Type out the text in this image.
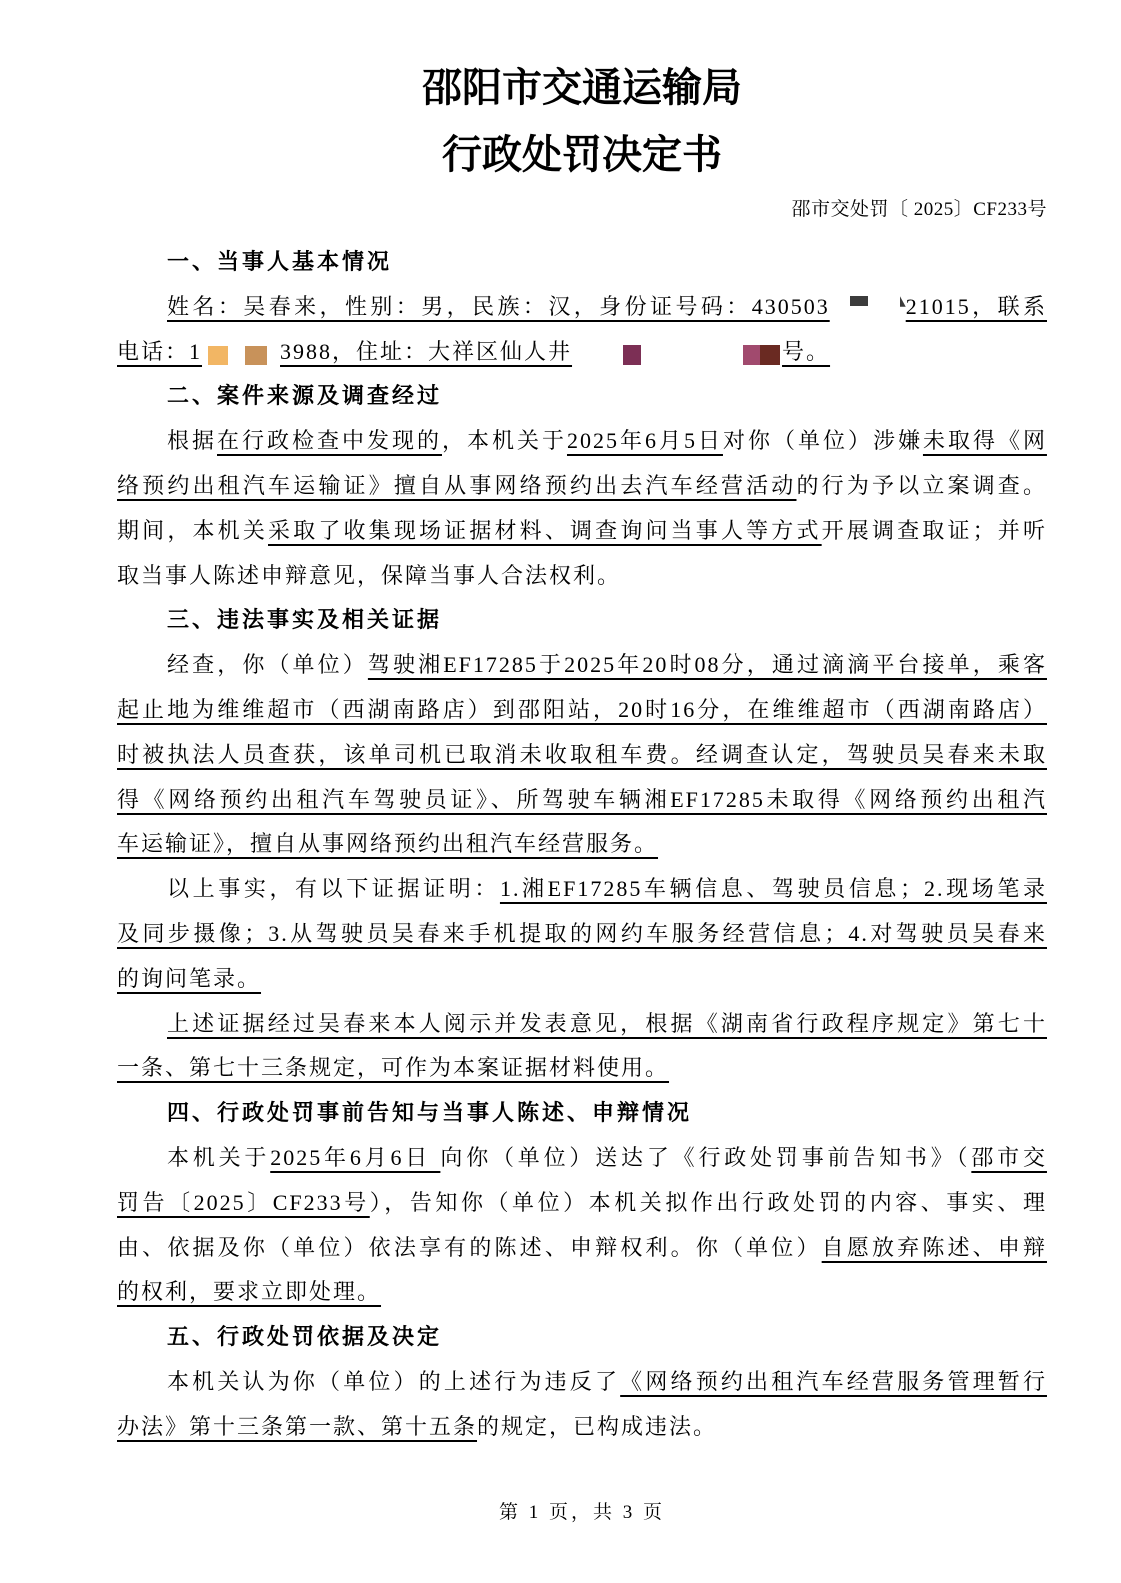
邵阳市交通运输局
行政处罚决定书
邵市交处罚〔 2025〕CF233号
一、当事人基本情况
姓名：吴春来，性别：男，民族：汉，身份证号码：430503	21015，联系
电话：1	3988，住址：大祥区仙人井	号。
二、案件来源及调查经过
根据在行政检查中发现的，本机关于2025年6月5日对你（单位）涉嫌未取得《网
络预约出租汽车运输证》擅自从事网络预约出去汽车经营活动的行为予以立案调查。
期间，本机关采取了收集现场证据材料、调查询问当事人等方式开展调查取证；并听
取当事人陈述申辩意见，保障当事人合法权利。
三、违法事实及相关证据
经查，你（单位）驾驶湘EF17285于2025年20时08分，通过滴滴平台接单，乘客
起止地为维维超市（西湖南路店）到邵阳站，20时16分，在维维超市（西湖南路店）
时被执法人员查获，该单司机已取消未收取租车费。经调查认定，驾驶员吴春来未取
得《网络预约出租汽车驾驶员证》、所驾驶车辆湘EF17285未取得《网络预约出租汽
车运输证》，擅自从事网络预约出租汽车经营服务。
以上事实，有以下证据证明：1.湘EF17285车辆信息、驾驶员信息；2.现场笔录
及同步摄像；3.从驾驶员吴春来手机提取的网约车服务经营信息；4.对驾驶员吴春来
的询问笔录。
上述证据经过吴春来本人阅示并发表意见，根据《湖南省行政程序规定》第七十
一条、第七十三条规定，可作为本案证据材料使用。
四、行政处罚事前告知与当事人陈述、申辩情况
本机关于2025年6月6日 向你（单位）送达了《行政处罚事前告知书》（邵市交
罚告〔2025〕CF233号），告知你（单位）本机关拟作出行政处罚的内容、事实、理
由、依据及你（单位）依法享有的陈述、申辩权利。你（单位）自愿放弃陈述、申辩
的权利，要求立即处理。
五、行政处罚依据及决定
本机关认为你（单位）的上述行为违反了《网络预约出租汽车经营服务管理暂行
办法》第十三条第一款、第十五条的规定，已构成违法。
第 1 页，共 3 页
